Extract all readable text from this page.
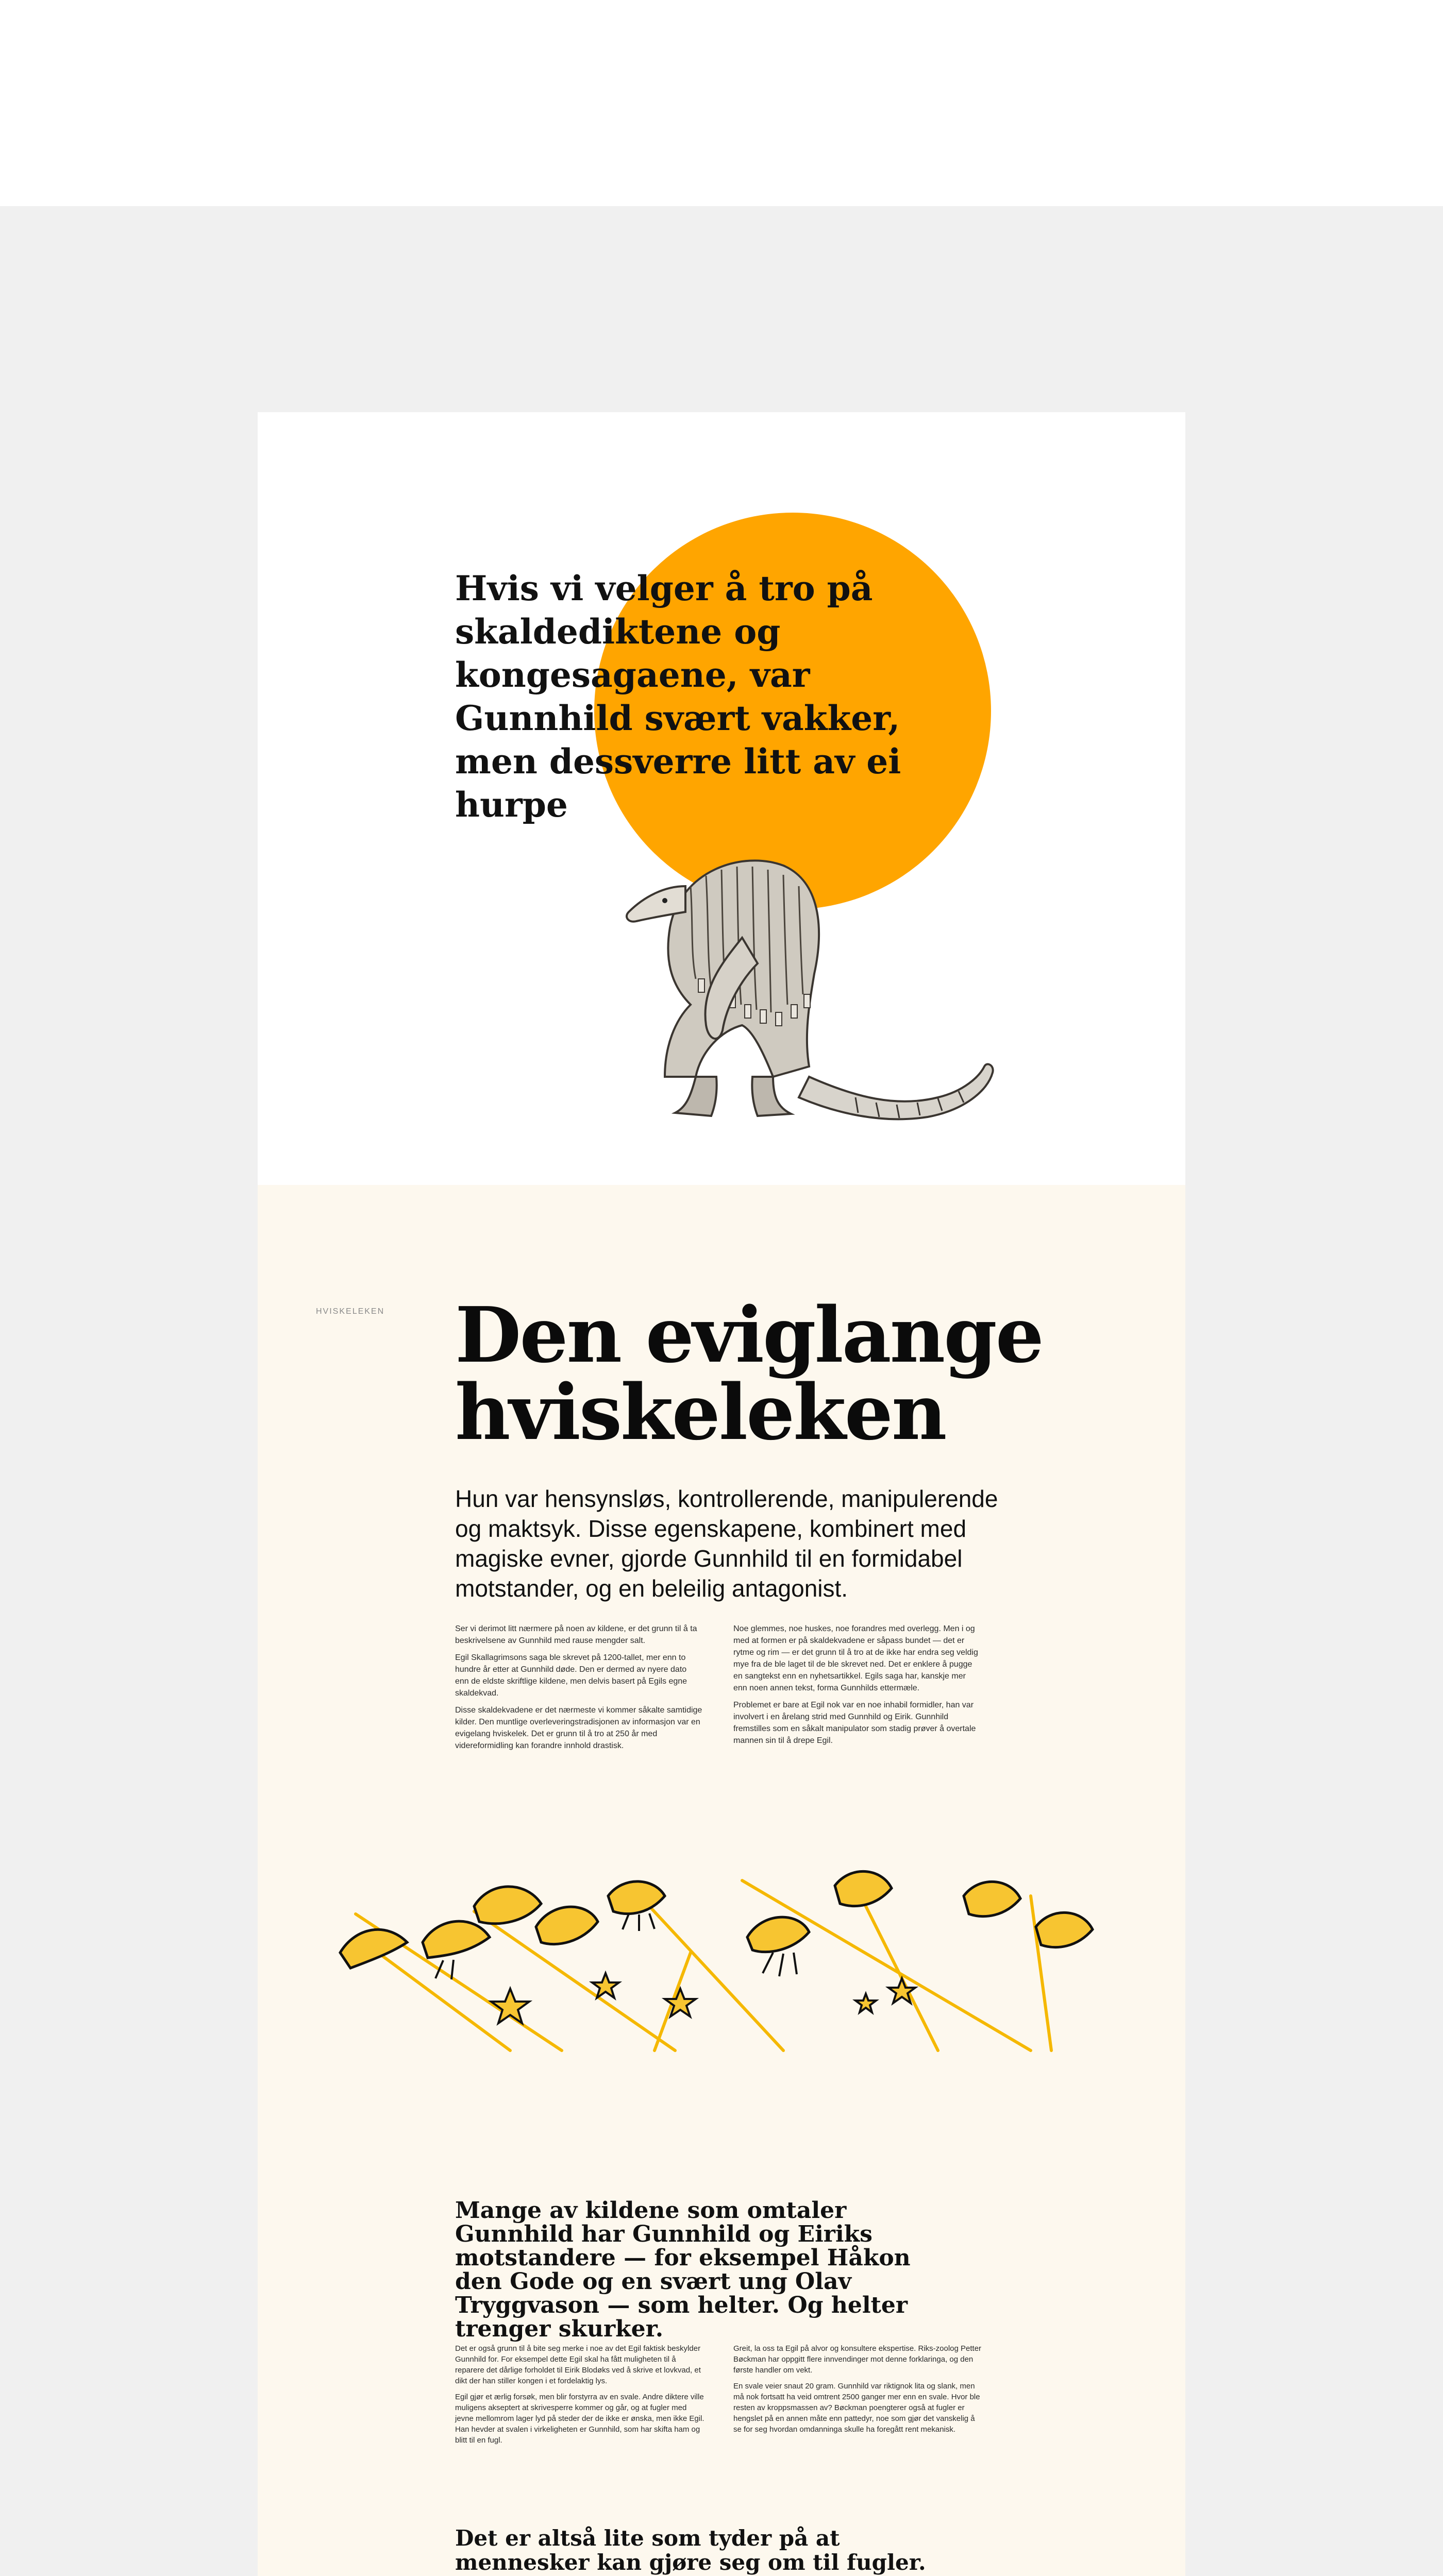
Hvis vi velger å tro på skaldediktene og kongesagaene, var Gunnhild svært vakker, men dessverre litt av ei hurpe

HVISKELEKEN Den eviglange hviskeleken

Hun var hensynsløs, kontrollerende, manipulerende og maktsyk. Disse egenskapene, kombinert med magiske evner, gjorde Gunnhild til en formidabel motstander, og en beleilig antagonist.

Ser vi derimot litt nærmere på noen av kildene, er det grunn til å ta beskrivelsene av Gunnhild med rause mengder salt.

Egil Skallagrimsons saga ble skrevet på 1200-tallet, mer enn to hundre år etter at Gunnhild døde. Den er dermed av nyere dato enn de eldste skriftlige kildene, men delvis basert på Egils egne skaldekvad.

Disse skaldekvadene er det nærmeste vi kommer såkalte samtidige kilder. Den muntlige overleveringstradisjonen av informasjon var en evigelang hviskelek. Det er grunn til å tro at 250 år med videreformidling kan forandre innhold drastisk.

Noe glemmes, noe huskes, noe forandres med overlegg. Men i og med at formen er på skaldekvadene er såpass bundet — det er rytme og rim — er det grunn til å tro at de ikke har endra seg veldig mye fra de ble laget til de ble skrevet ned. Det er enklere å pugge en sangtekst enn en nyhetsartikkel. Egils saga har, kanskje mer enn noen annen tekst, forma Gunnhilds ettermæle.

Problemet er bare at Egil nok var en noe inhabil formidler, han var involvert i en årelang strid med Gunnhild og Eirik. Gunnhild fremstilles som en såkalt manipulator som stadig prøver å overtale mannen sin til å drepe Egil.

Mange av kildene som omtaler Gunnhild har Gunnhild og Eiriks motstandere — for eksempel Håkon den Gode og en svært ung Olav Tryggvason — som helter. Og helter trenger skurker.

Det er også grunn til å bite seg merke i noe av det Egil faktisk beskylder Gunnhild for. For eksempel dette Egil skal ha fått muligheten til å reparere det dårlige forholdet til Eirik Blodøks ved å skrive et lovkvad, et dikt der han stiller kongen i et fordelaktig lys.

Egil gjør et ærlig forsøk, men blir forstyrra av en svale. Andre diktere ville muligens akseptert at skrivesperre kommer og går, og at fugler med jevne mellomrom lager lyd på steder der de ikke er ønska, men ikke Egil. Han hevder at svalen i virkeligheten er Gunnhild, som har skifta ham og blitt til en fugl.

Greit, la oss ta Egil på alvor og konsultere ekspertise. Riks-zoolog Petter Bøckman har oppgitt flere innvendinger mot denne forklaringa, og den første handler om vekt.

En svale veier snaut 20 gram. Gunnhild var riktignok lita og slank, men må nok fortsatt ha veid omtrent 2500 ganger mer enn en svale. Hvor ble resten av kroppsmassen av? Bøckman poengterer også at fugler er hengslet på en annen måte enn pattedyr, noe som gjør det vanskelig å se for seg hvordan omdanninga skulle ha foregått rent mekanisk.

Det er altså lite som tyder på at mennesker kan gjøre seg om til fugler.
